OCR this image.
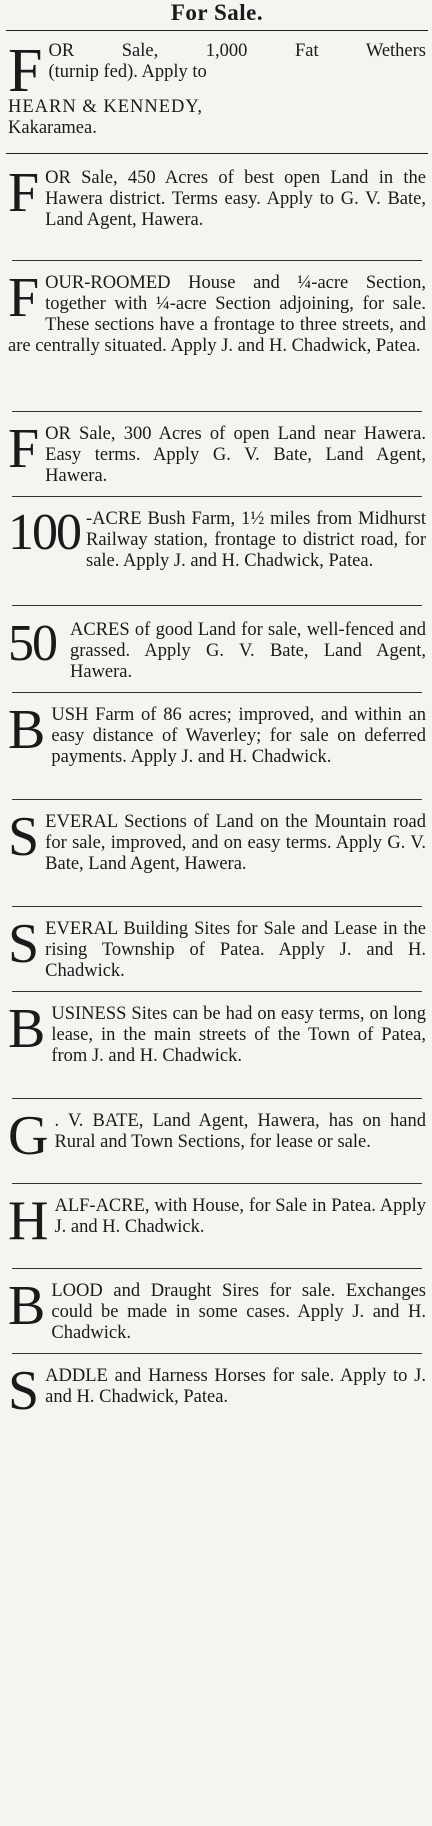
For Sale.
F OR Sale, 1,000 Fat Wethers

(turnip fed). Apply to

HEARN & KENNEDY,

Kakaramea.

F OR Sale, 450 Acres of best open Land in the Hawera district. Terms easy. Apply to G. V. Bate, Land Agent, Hawera.

F OUR-ROOMED House and ¼-acre Section, together with ¼-acre Section adjoining, for sale. These sections have a frontage to three streets, and are centrally situated. Apply J. and H. Chadwick, Patea.

F OR Sale, 300 Acres of open Land near Hawera. Easy terms. Apply G. V. Bate, Land Agent, Hawera.

100 -ACRE Bush Farm, 1½ miles from Midhurst Railway station, frontage to district road, for sale. Apply J. and H. Chadwick, Patea.

50 ACRES of good Land for sale, well-fenced and grassed. Apply G. V. Bate, Land Agent, Hawera.

B USH Farm of 86 acres; improved, and within an easy distance of Waverley; for sale on deferred payments. Apply J. and H. Chadwick.

S EVERAL Sections of Land on the Mountain road for sale, improved, and on easy terms. Apply G. V. Bate, Land Agent, Hawera.

S EVERAL Building Sites for Sale and Lease in the rising Township of Patea. Apply J. and H. Chadwick.

B USINESS Sites can be had on easy terms, on long lease, in the main streets of the Town of Patea, from J. and H. Chadwick.

G . V. BATE, Land Agent, Hawera, has on hand Rural and Town Sections, for lease or sale.

H ALF-ACRE, with House, for Sale in Patea. Apply J. and H. Chadwick.

B LOOD and Draught Sires for sale. Exchanges could be made in some cases. Apply J. and H. Chadwick.

S ADDLE and Harness Horses for sale. Apply to J. and H. Chadwick, Patea.
